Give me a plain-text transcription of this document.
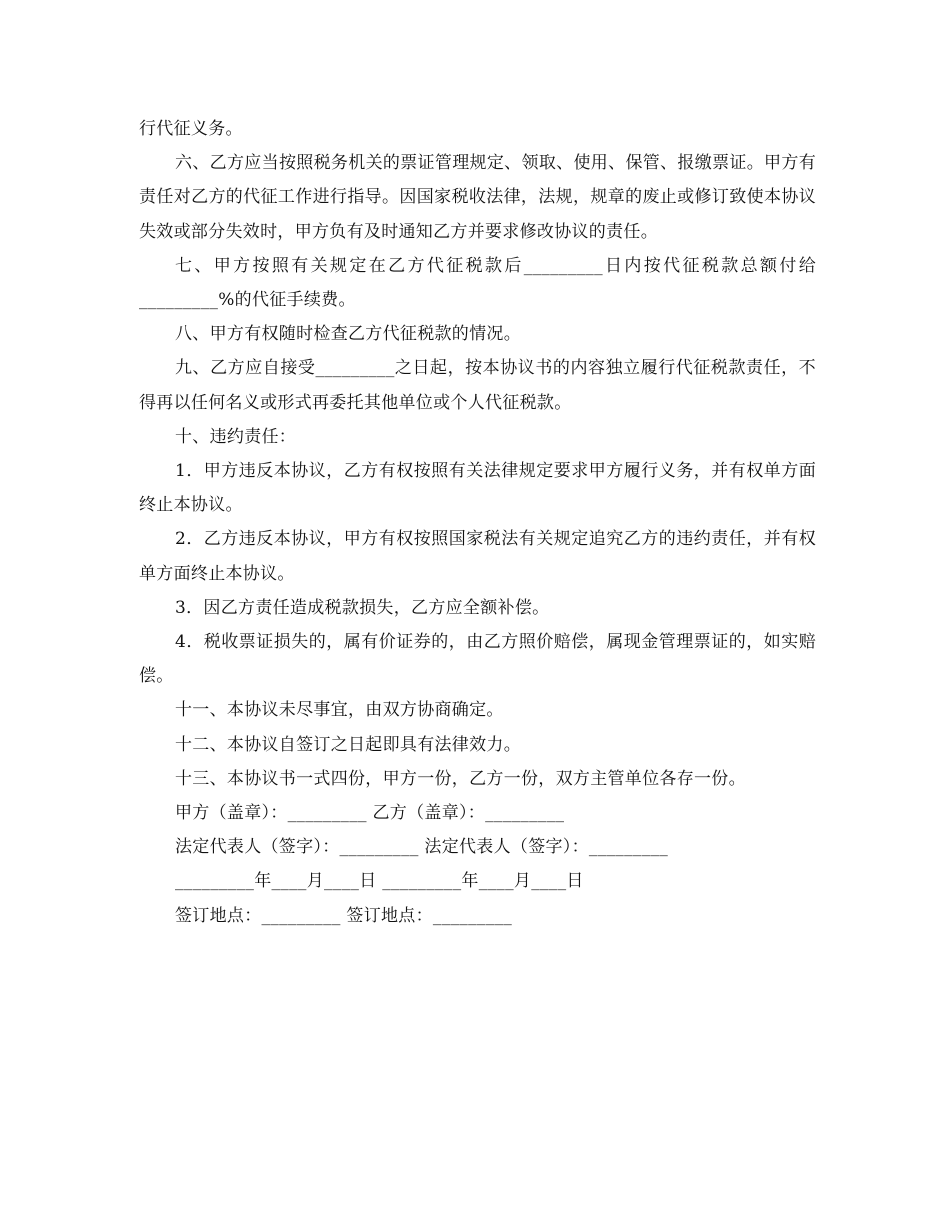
行代征义务。

六、乙方应当按照税务机关的票证管理规定、领取、使用、保管、报缴票证。甲方有责任对乙方的代征工作进行指导。因国家税收法律，法规，规章的废止或修订致使本协议失效或部分失效时，甲方负有及时通知乙方并要求修改协议的责任。

七、甲方按照有关规定在乙方代征税款后_________日内按代征税款总额付给_________%的代征手续费。

八、甲方有权随时检查乙方代征税款的情况。

九、乙方应自接受_________之日起，按本协议书的内容独立履行代征税款责任，不得再以任何名义或形式再委托其他单位或个人代征税款。

十、违约责任：

1．甲方违反本协议，乙方有权按照有关法律规定要求甲方履行义务，并有权单方面终止本协议。

2．乙方违反本协议，甲方有权按照国家税法有关规定追究乙方的违约责任，并有权单方面终止本协议。

3．因乙方责任造成税款损失，乙方应全额补偿。

4．税收票证损失的，属有价证券的，由乙方照价赔偿，属现金管理票证的，如实赔偿。

十一、本协议未尽事宜，由双方协商确定。

十二、本协议自签订之日起即具有法律效力。

十三、本协议书一式四份，甲方一份，乙方一份，双方主管单位各存一份。

甲方（盖章）：_________ 乙方（盖章）：_________

法定代表人（签字）：_________ 法定代表人（签字）：_________

_________年____月____日 _________年____月____日

签订地点：_________ 签订地点：_________
